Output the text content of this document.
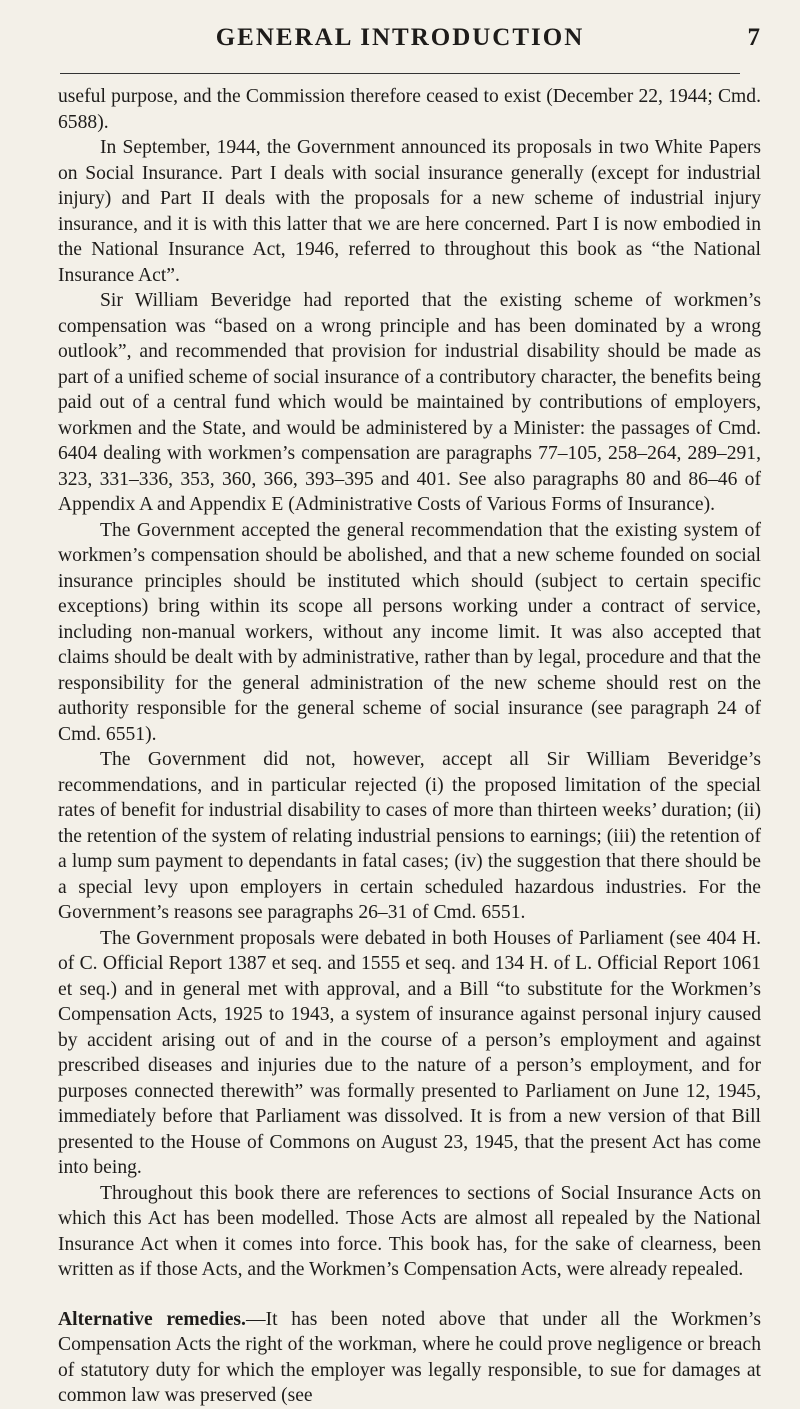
GENERAL INTRODUCTION	7

useful purpose, and the Commission therefore ceased to exist (December 22, 1944; Cmd. 6588).

In September, 1944, the Government announced its proposals in two White Papers on Social Insurance. Part I deals with social insurance generally (except for industrial injury) and Part II deals with the proposals for a new scheme of industrial injury insurance, and it is with this latter that we are here concerned. Part I is now embodied in the National Insurance Act, 1946, referred to throughout this book as “the National Insurance Act”.

Sir William Beveridge had reported that the existing scheme of workmen’s compensation was “based on a wrong principle and has been dominated by a wrong outlook”, and recommended that provision for industrial disability should be made as part of a unified scheme of social insurance of a contributory character, the benefits being paid out of a central fund which would be maintained by contributions of employers, workmen and the State, and would be administered by a Minister: the passages of Cmd. 6404 dealing with workmen’s compensation are paragraphs 77–105, 258–264, 289–291, 323, 331–336, 353, 360, 366, 393–395 and 401. See also paragraphs 80 and 86–46 of Appendix A and Appendix E (Administrative Costs of Various Forms of Insurance).

The Government accepted the general recommendation that the existing system of workmen’s compensation should be abolished, and that a new scheme founded on social insurance principles should be instituted which should (subject to certain specific exceptions) bring within its scope all persons working under a contract of service, including non-manual workers, without any income limit. It was also accepted that claims should be dealt with by administrative, rather than by legal, procedure and that the responsibility for the general administration of the new scheme should rest on the authority responsible for the general scheme of social insurance (see paragraph 24 of Cmd. 6551).

The Government did not, however, accept all Sir William Beveridge’s recommendations, and in particular rejected (i) the proposed limitation of the special rates of benefit for industrial disability to cases of more than thirteen weeks’ duration; (ii) the retention of the system of relating industrial pensions to earnings; (iii) the retention of a lump sum payment to dependants in fatal cases; (iv) the suggestion that there should be a special levy upon employers in certain scheduled hazardous industries. For the Government’s reasons see paragraphs 26–31 of Cmd. 6551.

The Government proposals were debated in both Houses of Parliament (see 404 H. of C. Official Report 1387 et seq. and 1555 et seq. and 134 H. of L. Official Report 1061 et seq.) and in general met with approval, and a Bill “to substitute for the Workmen’s Compensation Acts, 1925 to 1943, a system of insurance against personal injury caused by accident arising out of and in the course of a person’s employment and against prescribed diseases and injuries due to the nature of a person’s employment, and for purposes connected therewith” was formally presented to Parliament on June 12, 1945, immediately before that Parliament was dissolved. It is from a new version of that Bill presented to the House of Commons on August 23, 1945, that the present Act has come into being.

Throughout this book there are references to sections of Social Insurance Acts on which this Act has been modelled. Those Acts are almost all repealed by the National Insurance Act when it comes into force. This book has, for the sake of clearness, been written as if those Acts, and the Workmen’s Compensation Acts, were already repealed.

Alternative remedies.—It has been noted above that under all the Workmen’s Compensation Acts the right of the workman, where he could prove negligence or breach of statutory duty for which the employer was legally responsible, to sue for damages at common law was preserved (see
